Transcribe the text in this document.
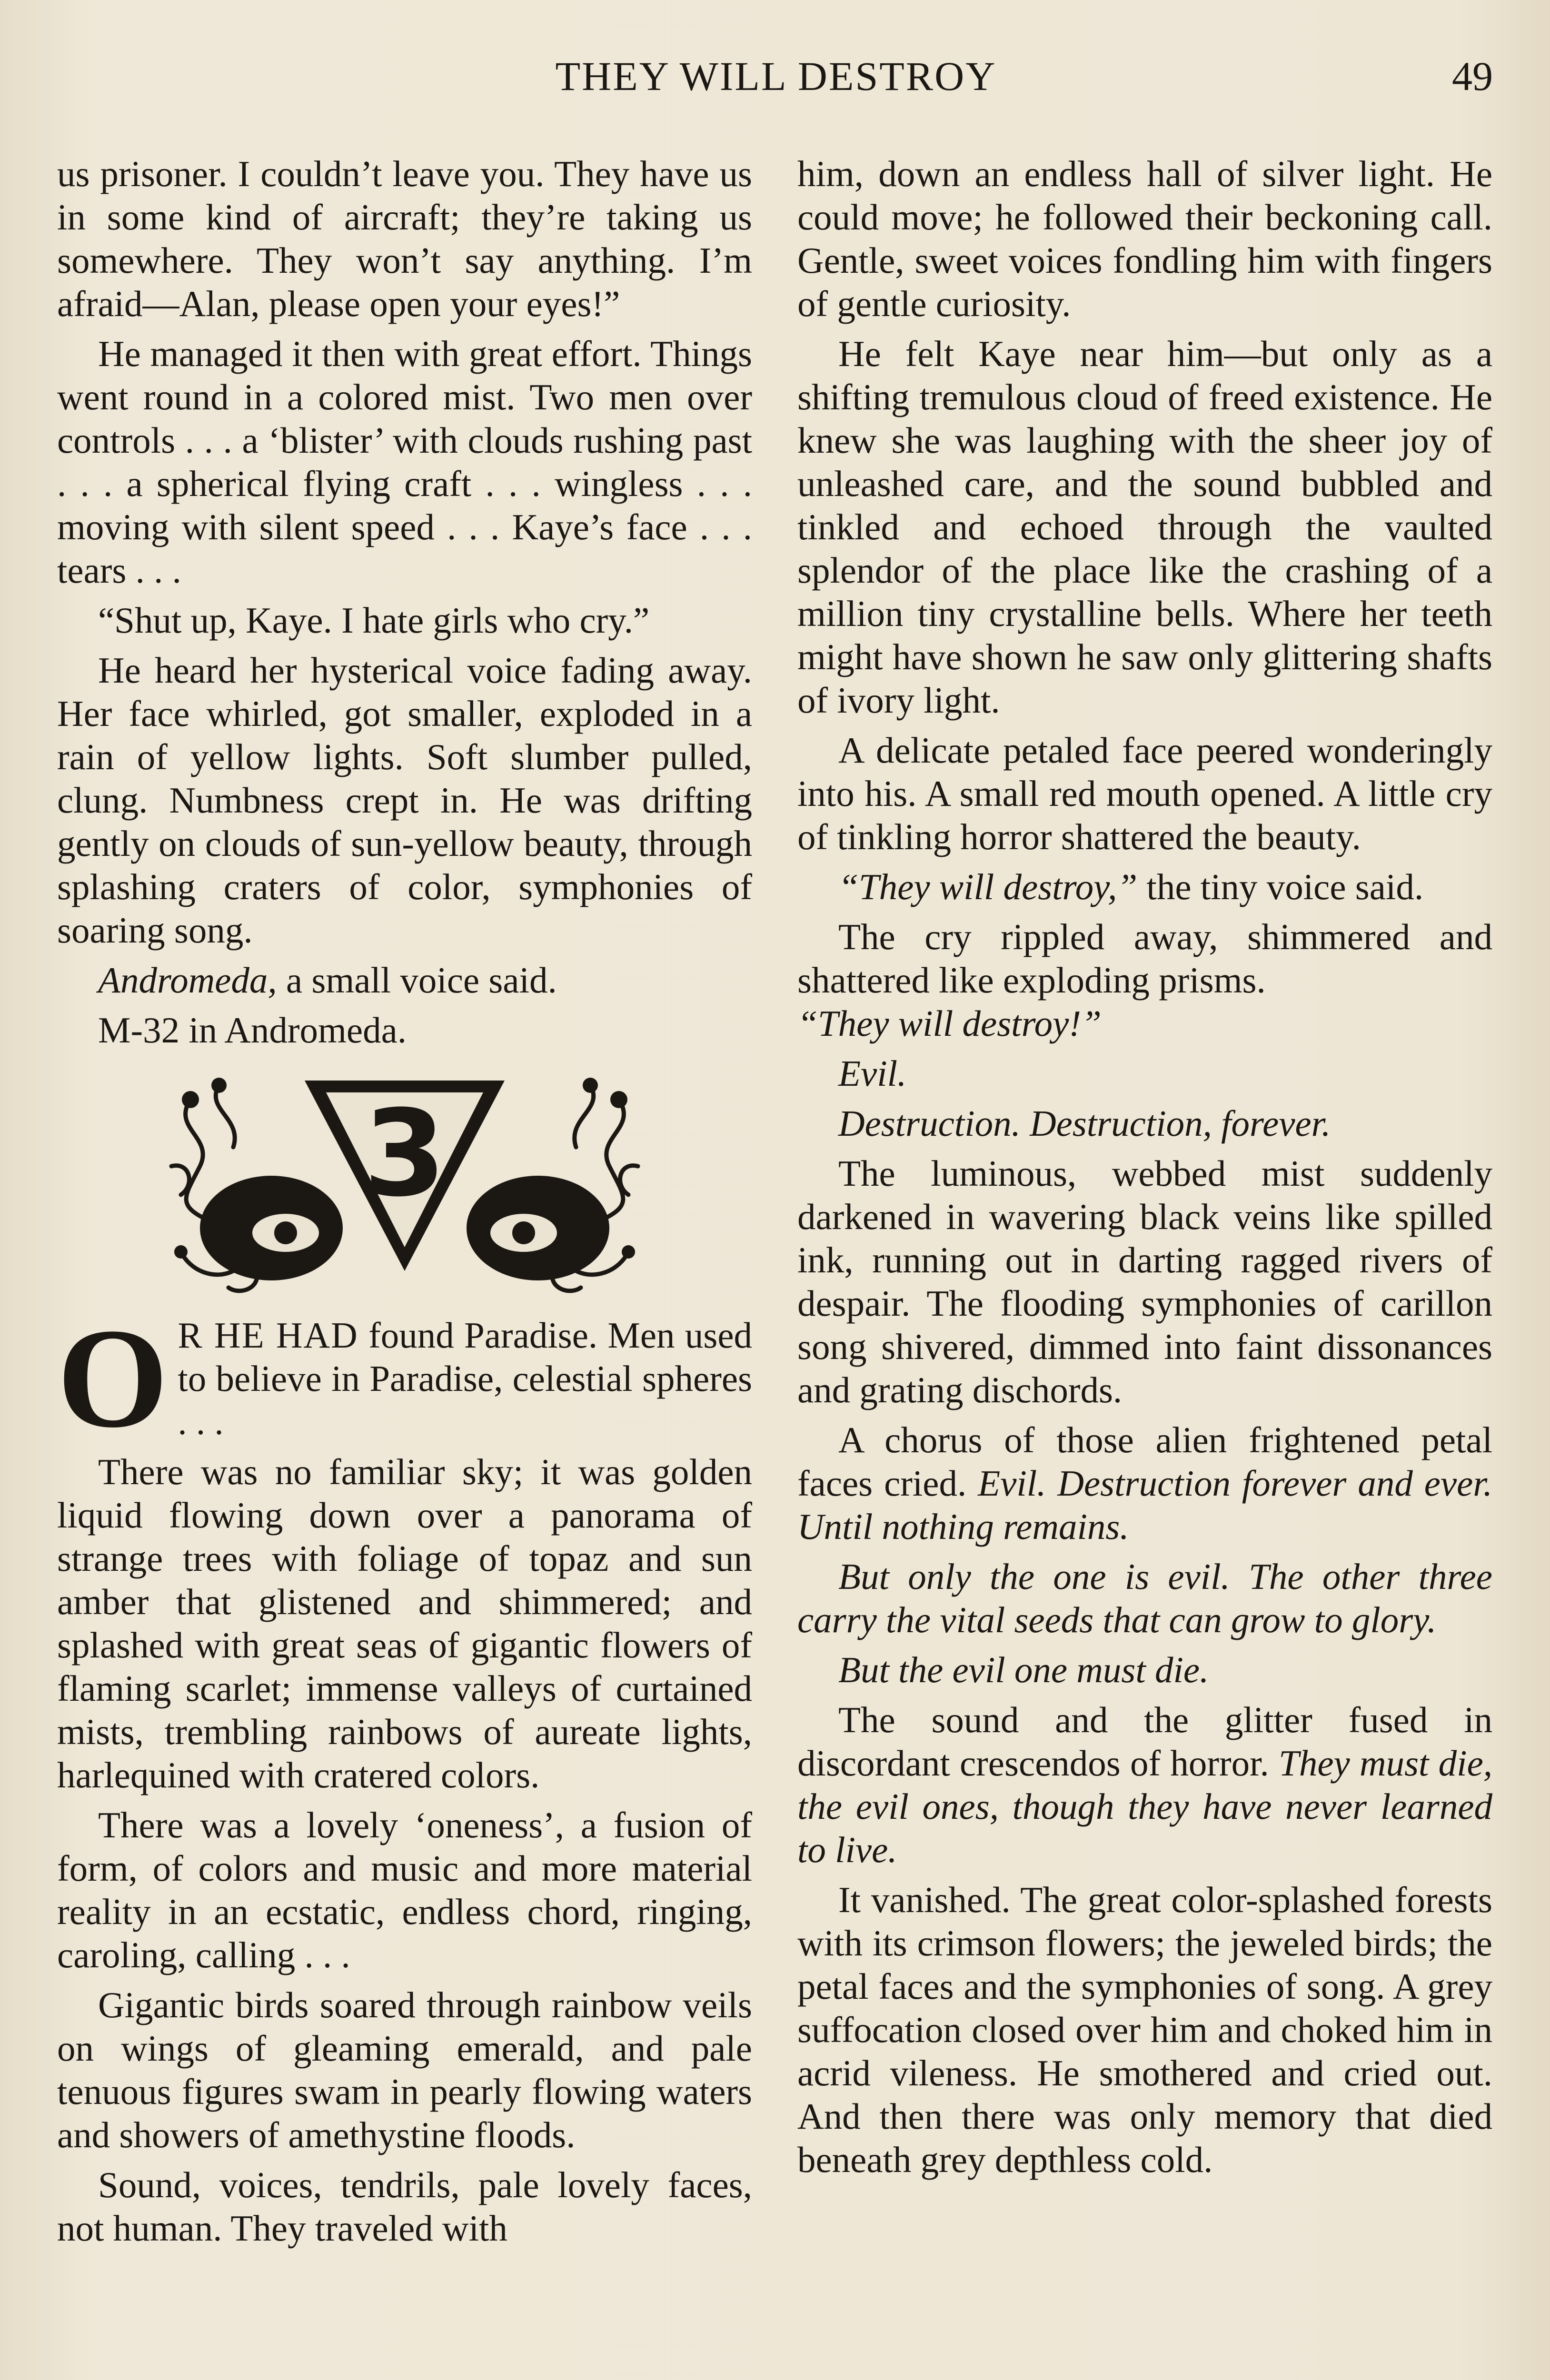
THEY WILL DESTROY	49

us prisoner. I couldn’t leave you. They have us in some kind of aircraft; they’re taking us somewhere. They won’t say anything. I’m afraid—Alan, please open your eyes!”

He managed it then with great effort. Things went round in a colored mist. Two men over controls . . . a ‘blister’ with clouds rushing past . . . a spherical flying craft . . . wingless . . . moving with silent speed . . . Kaye’s face . . . tears . . .

“Shut up, Kaye. I hate girls who cry.”

He heard her hysterical voice fading away. Her face whirled, got smaller, exploded in a rain of yellow lights. Soft slumber pulled, clung. Numbness crept in. He was drifting gently on clouds of sun-yellow beauty, through splashing craters of color, symphonies of soaring song.

Andromeda, a small voice said.

M-32 in Andromeda.

3

O R HE HAD found Paradise. Men used to believe in Paradise, celestial spheres . . .

There was no familiar sky; it was golden liquid flowing down over a panorama of strange trees with foliage of topaz and sun amber that glistened and shimmered; and splashed with great seas of gigantic flowers of flaming scarlet; immense valleys of curtained mists, trembling rainbows of aureate lights, harlequined with cratered colors.

There was a lovely ‘oneness’, a fusion of form, of colors and music and more material reality in an ecstatic, endless chord, ringing, caroling, calling . . .

Gigantic birds soared through rainbow veils on wings of gleaming emerald, and pale tenuous figures swam in pearly flowing waters and showers of amethystine floods.

Sound, voices, tendrils, pale lovely faces, not human. They traveled with

him, down an endless hall of silver light. He could move; he followed their beckoning call. Gentle, sweet voices fondling him with fingers of gentle curiosity.

He felt Kaye near him—but only as a shifting tremulous cloud of freed existence. He knew she was laughing with the sheer joy of unleashed care, and the sound bubbled and tinkled and echoed through the vaulted splendor of the place like the crashing of a million tiny crystalline bells. Where her teeth might have shown he saw only glittering shafts of ivory light.

A delicate petaled face peered wonderingly into his. A small red mouth opened. A little cry of tinkling horror shattered the beauty.

“They will destroy,” the tiny voice said.

The cry rippled away, shimmered and shattered like exploding prisms.
“They will destroy!”

Evil.

Destruction. Destruction, forever.

The luminous, webbed mist suddenly darkened in wavering black veins like spilled ink, running out in darting ragged rivers of despair. The flooding symphonies of carillon song shivered, dimmed into faint dissonances and grating dischords.

A chorus of those alien frightened petal faces cried. Evil. Destruction forever and ever. Until nothing remains.

But only the one is evil. The other three carry the vital seeds that can grow to glory.

But the evil one must die.

The sound and the glitter fused in discordant crescendos of horror. They must die, the evil ones, though they have never learned to live.

It vanished. The great color-splashed forests with its crimson flowers; the jeweled birds; the petal faces and the symphonies of song. A grey suffocation closed over him and choked him in acrid vileness. He smothered and cried out. And then there was only memory that died beneath grey depthless cold.
